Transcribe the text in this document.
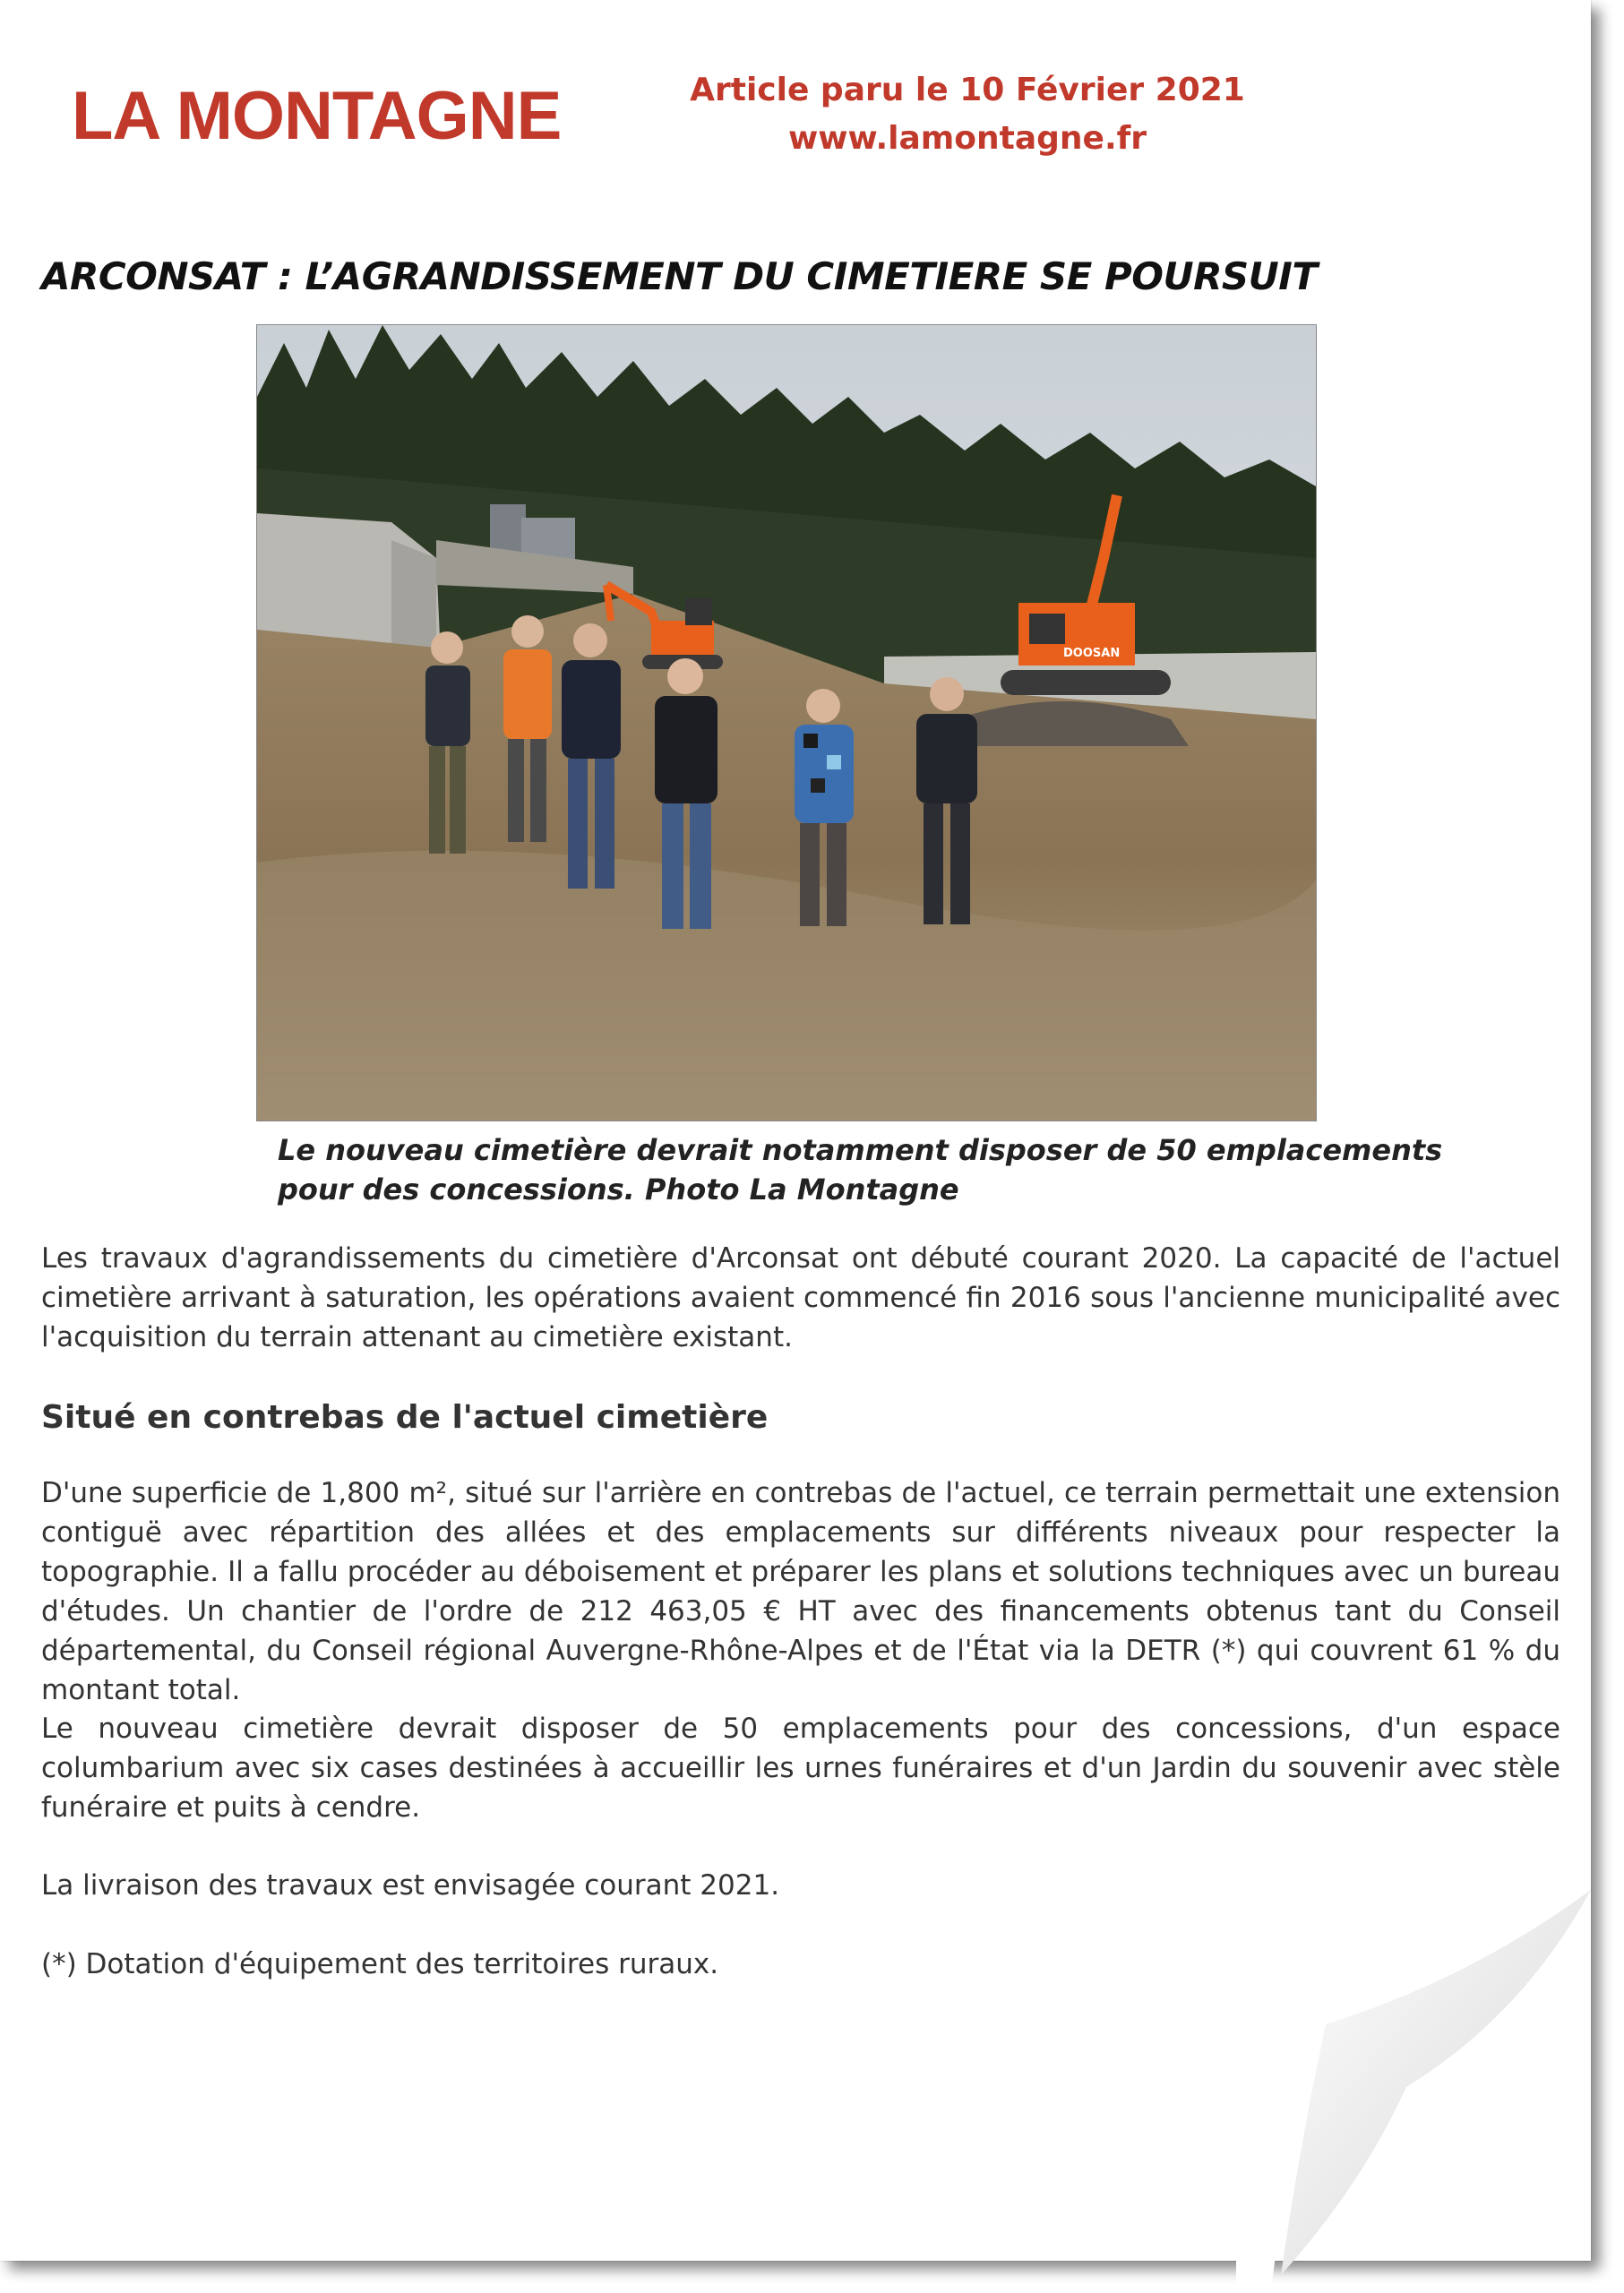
LA MONTAGNE	Article paru le 10 Février 2021
www.lamontagne.fr
ARCONSAT : L’AGRANDISSEMENT DU CIMETIERE SE POURSUIT
DOOSAN
Le nouveau cimetière devrait notamment disposer de 50 emplacements
pour des concessions. Photo La Montagne
Les travaux d'agrandissements du cimetière d'Arconsat ont débuté courant 2020. La capacité de l'actuel cimetière arrivant à saturation, les opérations avaient commencé fin 2016 sous l'ancienne municipalité avec l'acquisition du terrain attenant au cimetière existant.
Situé en contrebas de l'actuel cimetière
D'une superficie de 1,800 m², situé sur l'arrière en contrebas de l'actuel, ce terrain permettait une extension contiguë avec répartition des allées et des emplacements sur différents niveaux pour respecter la topographie. Il a fallu procéder au déboisement et préparer les plans et solutions techniques avec un bureau d'études. Un chantier de l'ordre de 212 463,05 € HT avec des financements obtenus tant du Conseil départemental, du Conseil régional Auvergne-Rhône-Alpes et de l'État via la DETR (*) qui couvrent 61 % du montant total.
Le nouveau cimetière devrait disposer de 50 emplacements pour des concessions, d'un espace columbarium avec six cases destinées à accueillir les urnes funéraires et d'un Jardin du souvenir avec stèle funéraire et puits à cendre.
La livraison des travaux est envisagée courant 2021.
(*) Dotation d'équipement des territoires ruraux.
